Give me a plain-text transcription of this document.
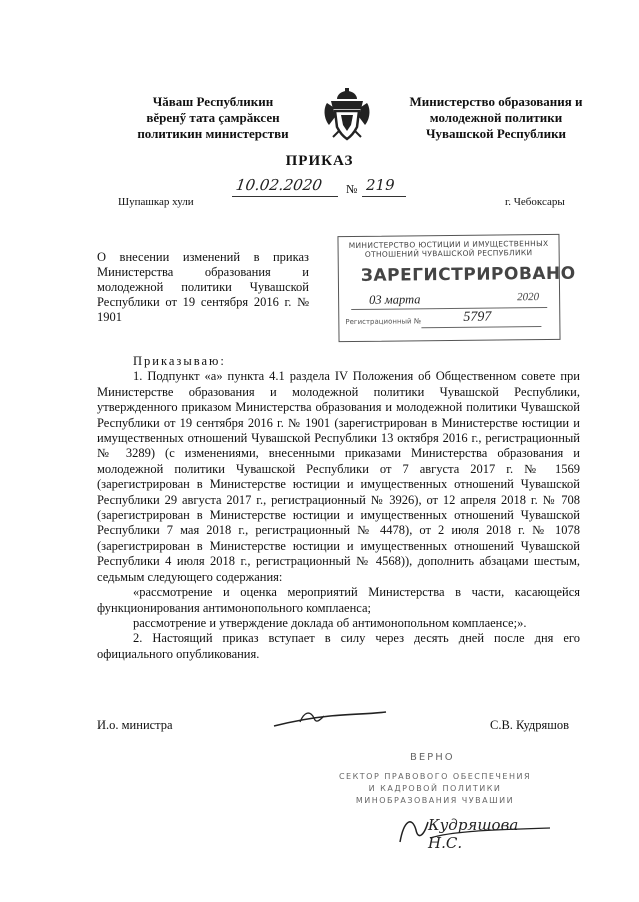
Чăваш Республикин
вĕренӳ тата çамрăксен
политикин министерстви
Министерство образования и
молодежной политики
Чувашской Республики
ПРИКАЗ
10.02.2020 № 219
Шупашкар хули	г. Чебоксары
О внесении изменений в приказ Министерства образования и молодежной политики Чувашской Республики от 19 сентября 2016 г. № 1901
МИНИСТЕРСТВО ЮСТИЦИИ И ИМУЩЕСТВЕННЫХ
ОТНОШЕНИЙ ЧУВАШСКОЙ РЕСПУБЛИКИ
ЗАРЕГИСТРИРОВАНО
03 марта	2020
Регистрационный №	5797

Приказываю:

1. Подпункт «а» пункта 4.1 раздела IV Положения об Общественном совете при Министерстве образования и молодежной политики Чувашской Республики, утвержденного приказом Министерства образования и молодежной политики Чувашской Республики от 19 сентября 2016 г. № 1901 (зарегистрирован в Министерстве юстиции и имущественных отношений Чувашской Республики 13 октября 2016 г., регистрационный № 3289) (с изменениями, внесенными приказами Министерства образования и молодежной политики Чувашской Республики от 7 августа 2017 г. № 1569 (зарегистрирован в Министерстве юстиции и имущественных отношений Чувашской Республики 29 августа 2017 г., регистрационный № 3926), от 12 апреля 2018 г. № 708 (зарегистрирован в Министерстве юстиции и имущественных отношений Чувашской Республики 7 мая 2018 г., регистрационный № 4478), от 2 июля 2018 г. № 1078 (зарегистрирован в Министерстве юстиции и имущественных отношений Чувашской Республики 4 июля 2018 г., регистрационный № 4568)), дополнить абзацами шестым, седьмым следующего содержания:

«рассмотрение и оценка мероприятий Министерства в части, касающейся функционирования антимонопольного комплаенса;

рассмотрение и утверждение доклада об антимонопольном комплаенсе;».

2. Настоящий приказ вступает в силу через десять дней после дня его официального опубликования.

И.о. министра	С.В. Кудряшов
ВЕРНО
СЕКТОР ПРАВОВОГО ОБЕСПЕЧЕНИЯ
И КАДРОВОЙ ПОЛИТИКИ
МИНОБРАЗОВАНИЯ ЧУВАШИИ
Кудряшова Н.С.
